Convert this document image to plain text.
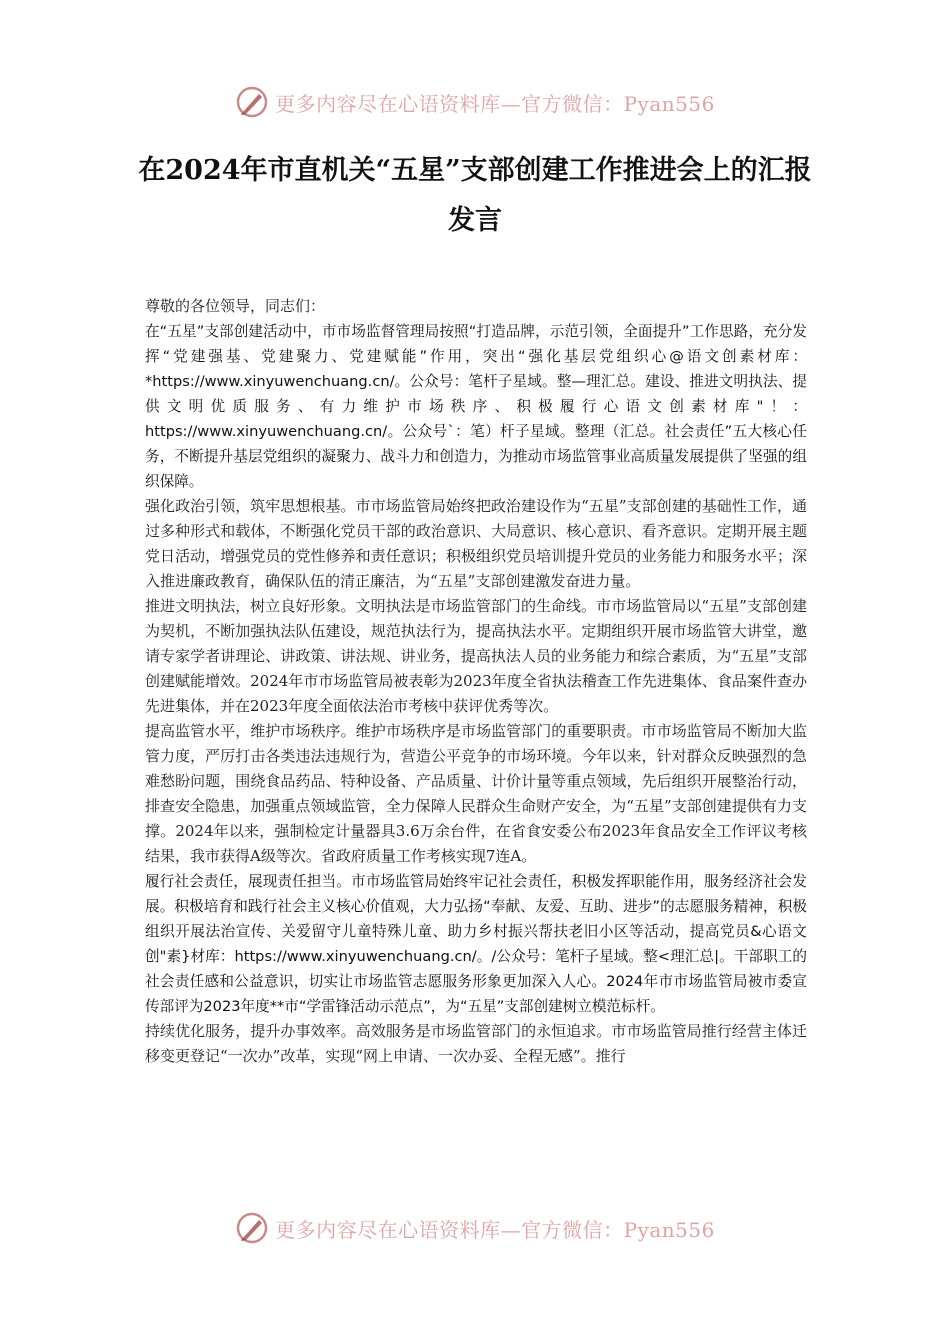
更多内容尽在心语资料库—官方微信：Pyan556
在2024年市直机关“五星”支部创建工作推进会上的汇报发言

尊敬的各位领导，同志们：

在“五星”支部创建活动中，市市场监督管理局按照“打造品牌，示范引领，全面提升”工作思路，充分发挥“党建强基、党建聚力、党建赋能”作用，突出“强化基层党组织心@语文创素材库：*https://www.xinyuwenchuang.cn/。公众号：笔杆子星域。整—理汇总。建设、推进文明执法、提供文明优质服务、有力维护市场秩序、积极履行心语文创素材库"！：https://www.xinyuwenchuang.cn/。公众号`：笔）杆子星域。整理（汇总。社会责任”五大核心任务，不断提升基层党组织的凝聚力、战斗力和创造力，为推动市场监管事业高质量发展提供了坚强的组织保障。

强化政治引领，筑牢思想根基。市市场监管局始终把政治建设作为“五星”支部创建的基础性工作，通过多种形式和载体，不断强化党员干部的政治意识、大局意识、核心意识、看齐意识。定期开展主题党日活动，增强党员的党性修养和责任意识；积极组织党员培训提升党员的业务能力和服务水平；深入推进廉政教育，确保队伍的清正廉洁，为“五星”支部创建激发奋进力量。

推进文明执法，树立良好形象。文明执法是市场监管部门的生命线。市市场监管局以“五星”支部创建为契机，不断加强执法队伍建设，规范执法行为，提高执法水平。定期组织开展市场监管大讲堂，邀请专家学者讲理论、讲政策、讲法规、讲业务，提高执法人员的业务能力和综合素质，为“五星”支部创建赋能增效。2024年市市场监管局被表彰为2023年度全省执法稽查工作先进集体、食品案件查办先进集体，并在2023年度全面依法治市考核中获评优秀等次。

提高监管水平，维护市场秩序。维护市场秩序是市场监管部门的重要职责。市市场监管局不断加大监管力度，严厉打击各类违法违规行为，营造公平竞争的市场环境。今年以来，针对群众反映强烈的急难愁盼问题，围绕食品药品、特种设备、产品质量、计价计量等重点领域，先后组织开展整治行动，排查安全隐患，加强重点领域监管，全力保障人民群众生命财产安全，为“五星”支部创建提供有力支撑。2024年以来，强制检定计量器具3.6万余台件，在省食安委公布2023年食品安全工作评议考核结果，我市获得A级等次。省政府质量工作考核实现7连A。

履行社会责任，展现责任担当。市市场监管局始终牢记社会责任，积极发挥职能作用，服务经济社会发展。积极培育和践行社会主义核心价值观，大力弘扬“奉献、友爱、互助、进步”的志愿服务精神，积极组织开展法治宣传、关爱留守儿童特殊儿童、助力乡村振兴帮扶老旧小区等活动，提高党员&心语文创"素}材库：https://www.xinyuwenchuang.cn/。/公众号：笔杆子星域。整<理汇总|。干部职工的社会责任感和公益意识，切实让市场监管志愿服务形象更加深入人心。2024年市市场监管局被市委宣传部评为2023年度**市“学雷锋活动示范点”，为“五星”支部创建树立模范标杆。

持续优化服务，提升办事效率。高效服务是市场监管部门的永恒追求。市市场监管局推行经营主体迁移变更登记“一次办”改革，实现“网上申请、一次办妥、全程无感”。推行

更多内容尽在心语资料库—官方微信：Pyan556
